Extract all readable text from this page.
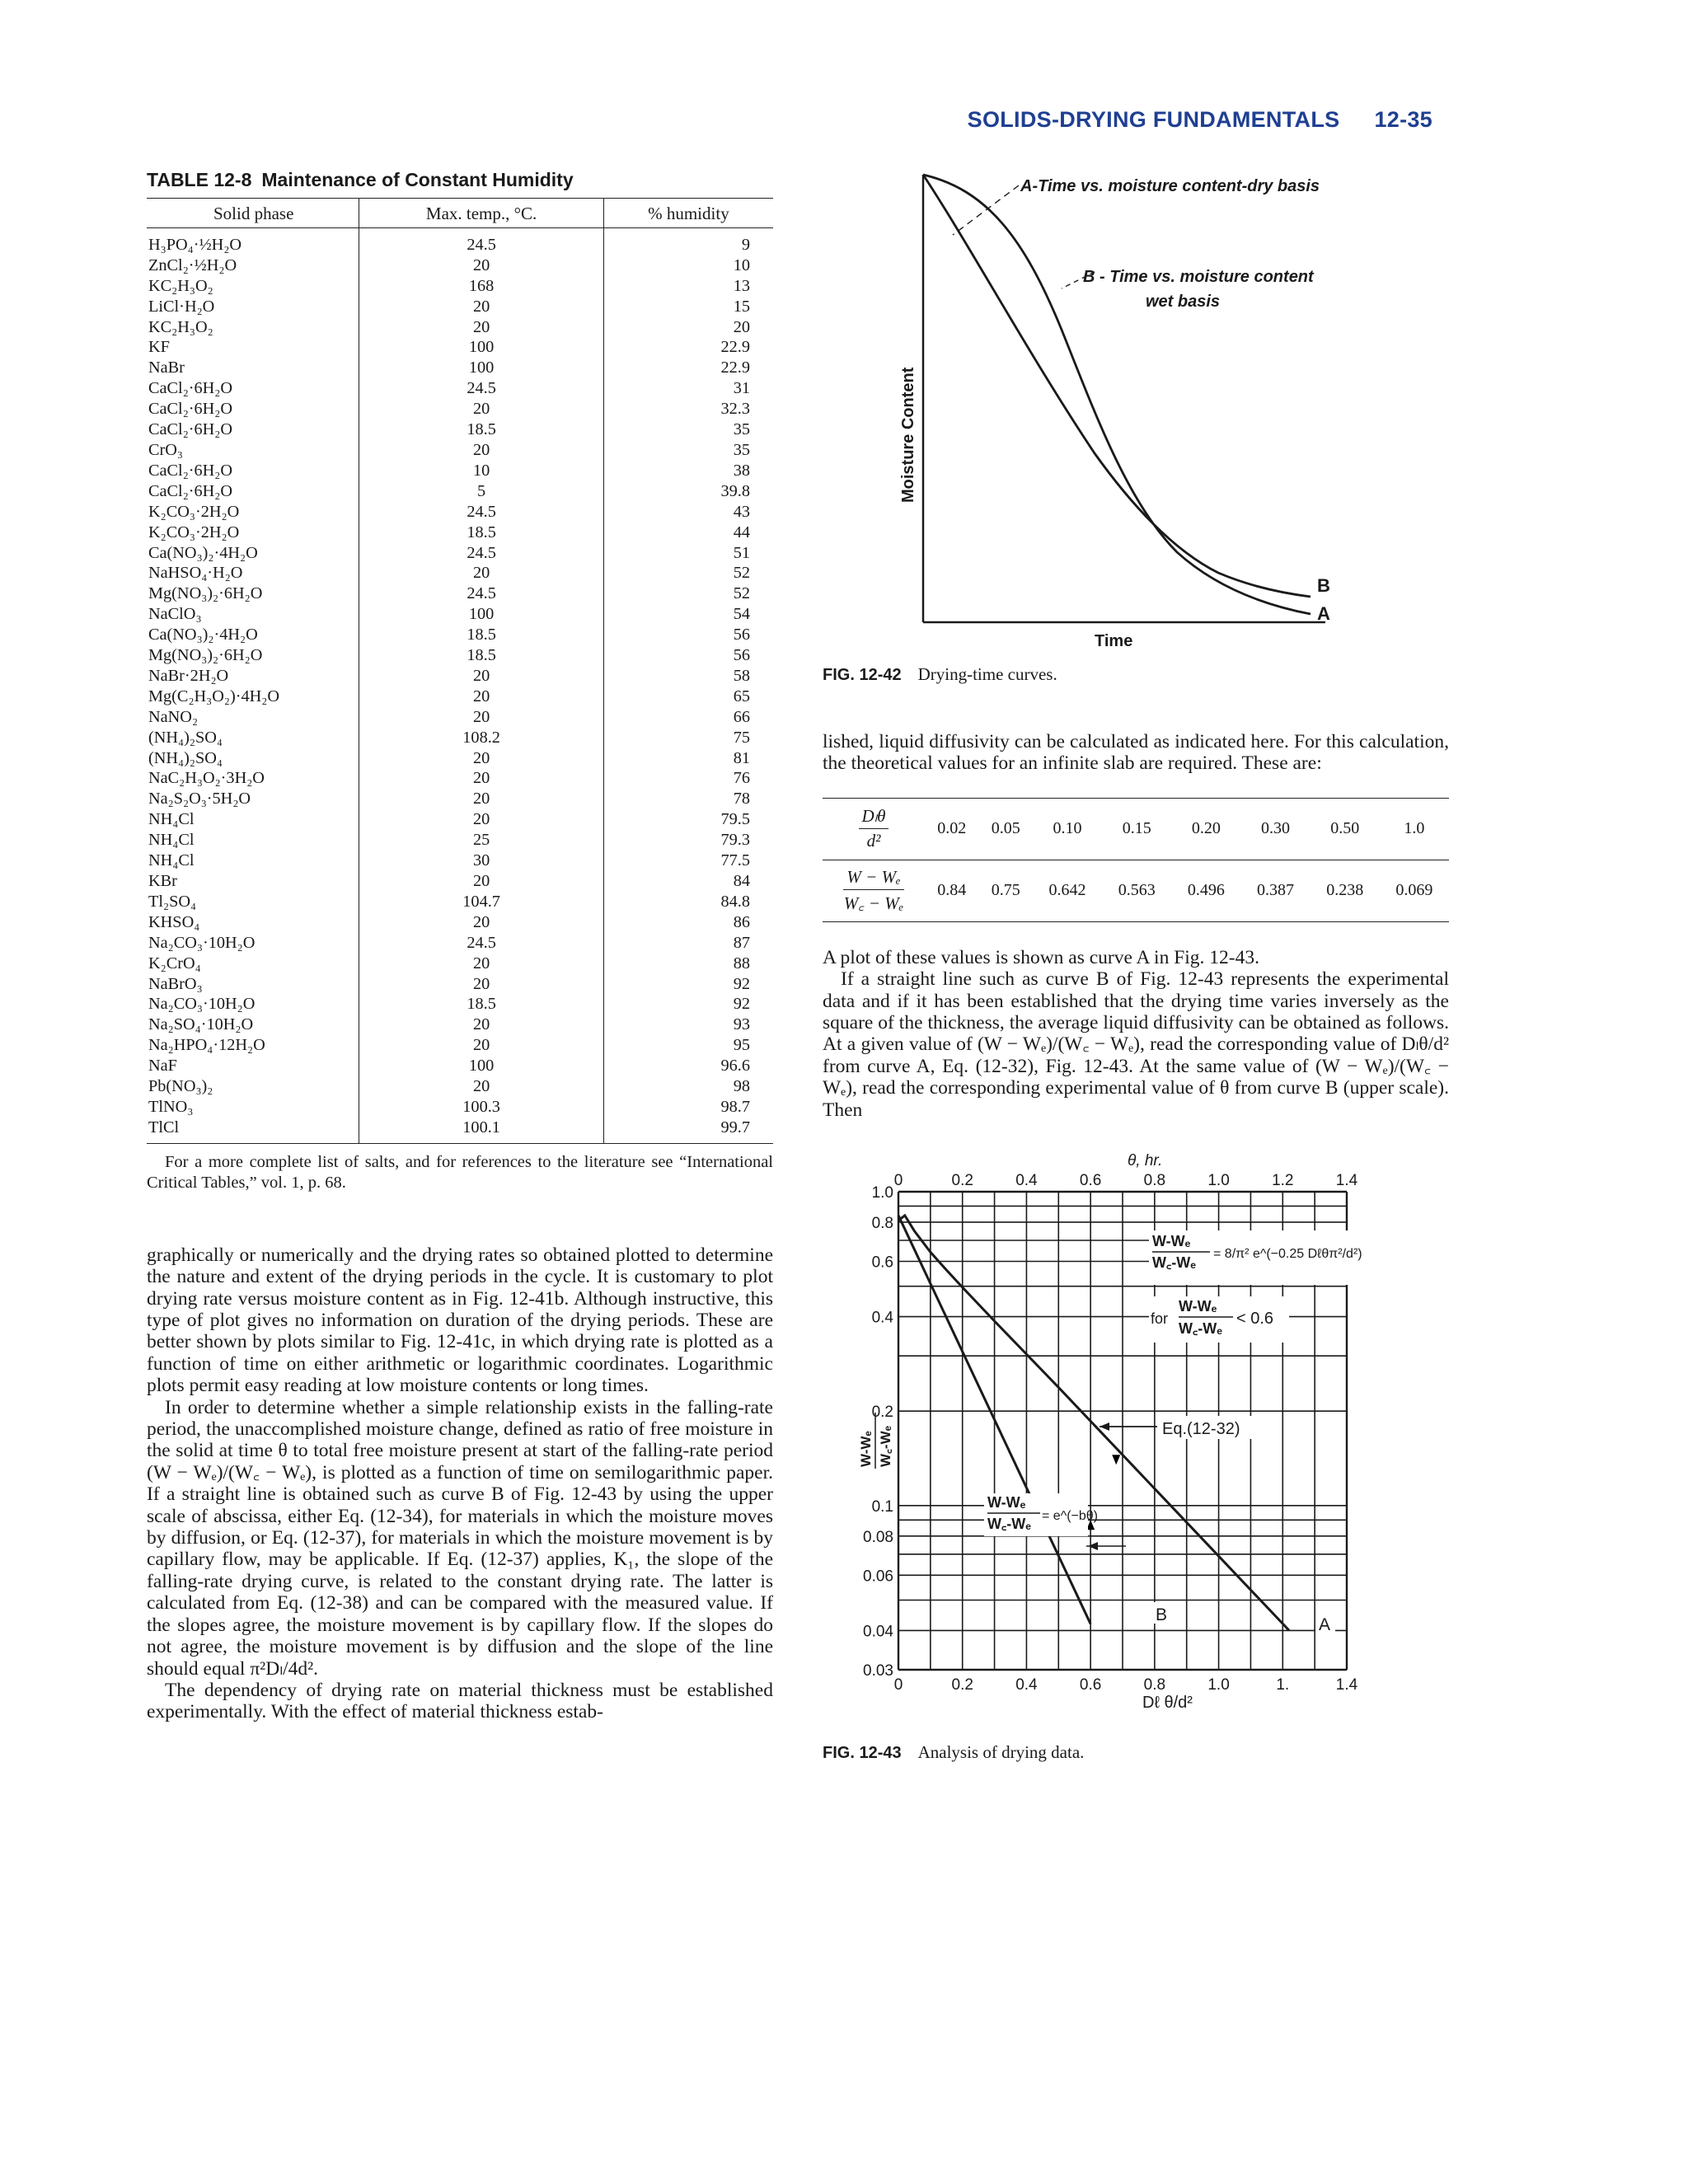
SOLIDS-DRYING FUNDAMENTALS 12-35
TABLE 12-8 Maintenance of Constant Humidity
Solid phase	Max. temp., °C.	% humidity
H₃PO₄·½H₂O	24.5	9
ZnCl₂·½H₂O	20	10
KC₂H₃O₂	168	13
LiCl·H₂O	20	15
KC₂H₃O₂	20	20
KF	100	22.9
NaBr	100	22.9
CaCl₂·6H₂O	24.5	31
CaCl₂·6H₂O	20	32.3
CaCl₂·6H₂O	18.5	35
CrO₃	20	35
CaCl₂·6H₂O	10	38
CaCl₂·6H₂O	5	39.8
K₂CO₃·2H₂O	24.5	43
K₂CO₃·2H₂O	18.5	44
Ca(NO₃)₂·4H₂O	24.5	51
NaHSO₄·H₂O	20	52
Mg(NO₃)₂·6H₂O	24.5	52
NaClO₃	100	54
Ca(NO₃)₂·4H₂O	18.5	56
Mg(NO₃)₂·6H₂O	18.5	56
NaBr·2H₂O	20	58
Mg(C₂H₃O₂)·4H₂O	20	65
NaNO₂	20	66
(NH₄)₂SO₄	108.2	75
(NH₄)₂SO₄	20	81
NaC₂H₃O₂·3H₂O	20	76
Na₂S₂O₃·5H₂O	20	78
NH₄Cl	20	79.5
NH₄Cl	25	79.3
NH₄Cl	30	77.5
KBr	20	84
Tl₂SO₄	104.7	84.8
KHSO₄	20	86
Na₂CO₃·10H₂O	24.5	87
K₂CrO₄	20	88
NaBrO₃	20	92
Na₂CO₃·10H₂O	18.5	92
Na₂SO₄·10H₂O	20	93
Na₂HPO₄·12H₂O	20	95
NaF	100	96.6
Pb(NO₃)₂	20	98
TlNO₃	100.3	98.7
TlCl	100.1	99.7
For a more complete list of salts, and for references to the literature see “International Critical Tables,” vol. 1, p. 68.

graphically or numerically and the drying rates so obtained plotted to determine the nature and extent of the drying periods in the cycle. It is customary to plot drying rate versus moisture content as in Fig. 12-41b. Although instructive, this type of plot gives no information on duration of the drying periods. These are better shown by plots similar to Fig. 12-41c, in which drying rate is plotted as a function of time on either arithmetic or logarithmic coordinates. Logarithmic plots permit easy reading at low moisture contents or long times.

In order to determine whether a simple relationship exists in the falling-rate period, the unaccomplished moisture change, defined as ratio of free moisture in the solid at time θ to total free moisture present at start of the falling-rate period (W − Wₑ)/(W꜀ − Wₑ), is plotted as a function of time on semilogarithmic paper. If a straight line is obtained such as curve B of Fig. 12-43 by using the upper scale of abscissa, either Eq. (12-34), for materials in which the moisture moves by diffusion, or Eq. (12-37), for materials in which the moisture movement is by capillary flow, may be applicable. If Eq. (12-37) applies, K₁, the slope of the falling-rate drying curve, is related to the constant drying rate. The latter is calculated from Eq. (12-38) and can be compared with the measured value. If the slopes agree, the moisture movement is by capillary flow. If the slopes do not agree, the moisture movement is by diffusion and the slope of the line should equal π²Dₗ/4d².

The dependency of drying rate on material thickness must be established experimentally. With the effect of material thickness estab-

A-Time vs. moisture content-dry basis
B - Time vs. moisture content
wet basis
B
A
Time
Moisture Content
FIG. 12-42 Drying-time curves.

lished, liquid diffusivity can be calculated as indicated here. For this calculation, the theoretical values for an infinite slab are required. These are:

$\frac{\text{Dₗθ}}{\text{d²}}$	0.02	0.05	0.10	0.15	0.20	0.30	0.50	1.0

$\frac{\text{W − Wₑ}}{\text{W꜀ − Wₑ}}$	0.84	0.75	0.642	0.563	0.496	0.387	0.238	0.069

A plot of these values is shown as curve A in Fig. 12-43.

If a straight line such as curve B of Fig. 12-43 represents the experimental data and if it has been established that the drying time varies inversely as the square of the thickness, the average liquid diffusivity can be obtained as follows. At a given value of (W − Wₑ)/(W꜀ − Wₑ), read the corresponding value of Dₗθ/d² from curve A, Eq. (12-32), Fig. 12-43. At the same value of (W − Wₑ)/(W꜀ − Wₑ), read the corresponding experimental value of θ from curve B (upper scale). Then

0	0.2	0.4	0.6	0.8	1.0	1.2	1.4
0	0.2	0.4	0.6	0.8	1.0	1.	1.4
1.0
0.8
0.6
0.4
0.2
0.1
0.08
0.06
0.04
0.03
W-Wₑ
W꜀-Wₑ
= 8/π² e^(−0.25 Dℓθπ²/d²)
for
W-Wₑ
W꜀-Wₑ
< 0.6
Eq.(12-32)
W-Wₑ
W꜀-Wₑ = e^(−bθ)
θ, hr.
Dℓ θ/d²
W-Wₑ W꜀-Wₑ
B
A
FIG. 12-43 Analysis of drying data.
